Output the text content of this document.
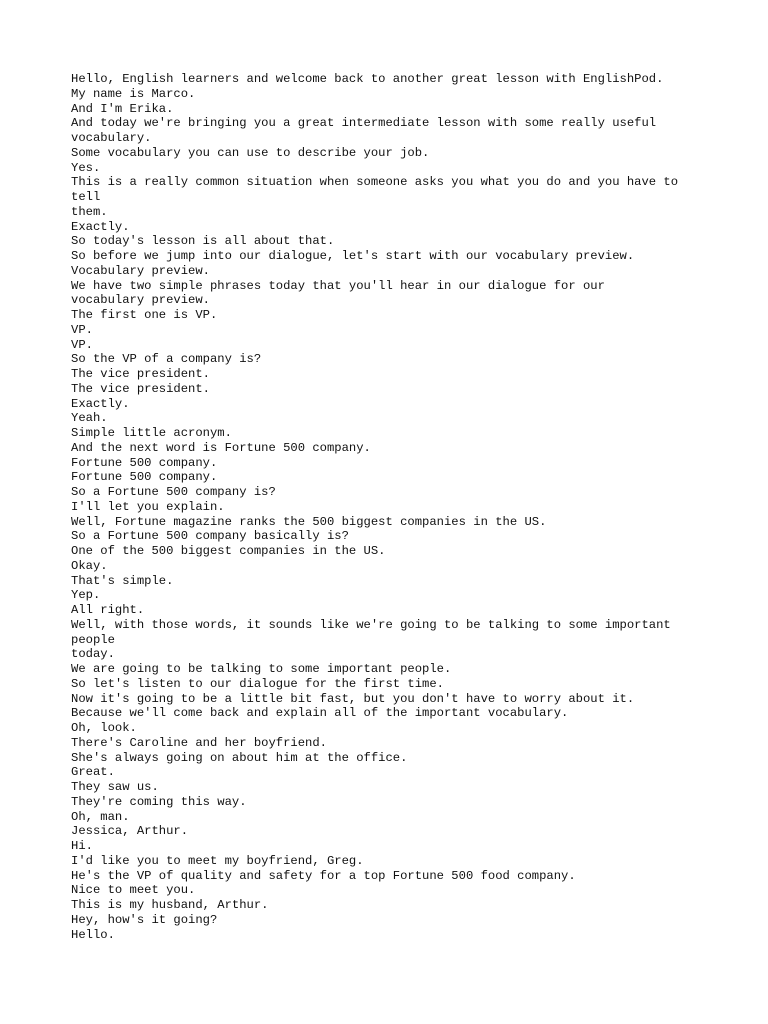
Hello, English learners and welcome back to another great lesson with EnglishPod.
My name is Marco.
And I'm Erika.
And today we're bringing you a great intermediate lesson with some really useful
vocabulary.
Some vocabulary you can use to describe your job.
Yes.
This is a really common situation when someone asks you what you do and you have to
tell
them.
Exactly.
So today's lesson is all about that.
So before we jump into our dialogue, let's start with our vocabulary preview.
Vocabulary preview.
We have two simple phrases today that you'll hear in our dialogue for our
vocabulary preview.
The first one is VP.
VP.
VP.
So the VP of a company is?
The vice president.
The vice president.
Exactly.
Yeah.
Simple little acronym.
And the next word is Fortune 500 company.
Fortune 500 company.
Fortune 500 company.
So a Fortune 500 company is?
I'll let you explain.
Well, Fortune magazine ranks the 500 biggest companies in the US.
So a Fortune 500 company basically is?
One of the 500 biggest companies in the US.
Okay.
That's simple.
Yep.
All right.
Well, with those words, it sounds like we're going to be talking to some important
people
today.
We are going to be talking to some important people.
So let's listen to our dialogue for the first time.
Now it's going to be a little bit fast, but you don't have to worry about it.
Because we'll come back and explain all of the important vocabulary.
Oh, look.
There's Caroline and her boyfriend.
She's always going on about him at the office.
Great.
They saw us.
They're coming this way.
Oh, man.
Jessica, Arthur.
Hi.
I'd like you to meet my boyfriend, Greg.
He's the VP of quality and safety for a top Fortune 500 food company.
Nice to meet you.
This is my husband, Arthur.
Hey, how's it going?
Hello.
